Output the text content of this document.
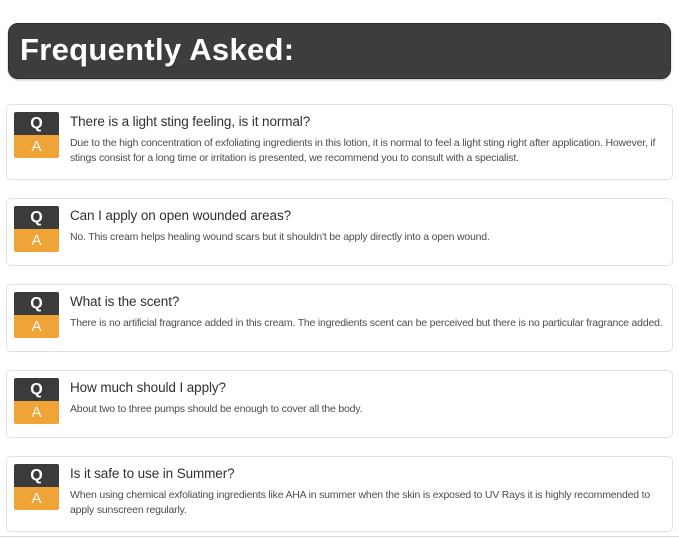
Frequently Asked:
Q
A
There is a light sting feeling, is it normal?
Due to the high concentration of exfoliating ingredients in this lotion, it is normal to feel a light sting right after application. However, if stings consist for a long time or irritation is presented, we recommend you to consult with a specialist.
Q
A
Can I apply on open wounded areas?
No. This cream helps healing wound scars but it shouldn't be apply directly into a open wound.
Q
A
What is the scent?
There is no artificial fragrance added in this cream. The ingredients scent can be perceived but there is no particular fragrance added.
Q
A
How much should I apply?
About two to three pumps should be enough to cover all the body.
Q
A
Is it safe to use in Summer?
When using chemical exfoliating ingredients like AHA in summer when the skin is exposed to UV Rays it is highly recommended to apply sunscreen regularly.
